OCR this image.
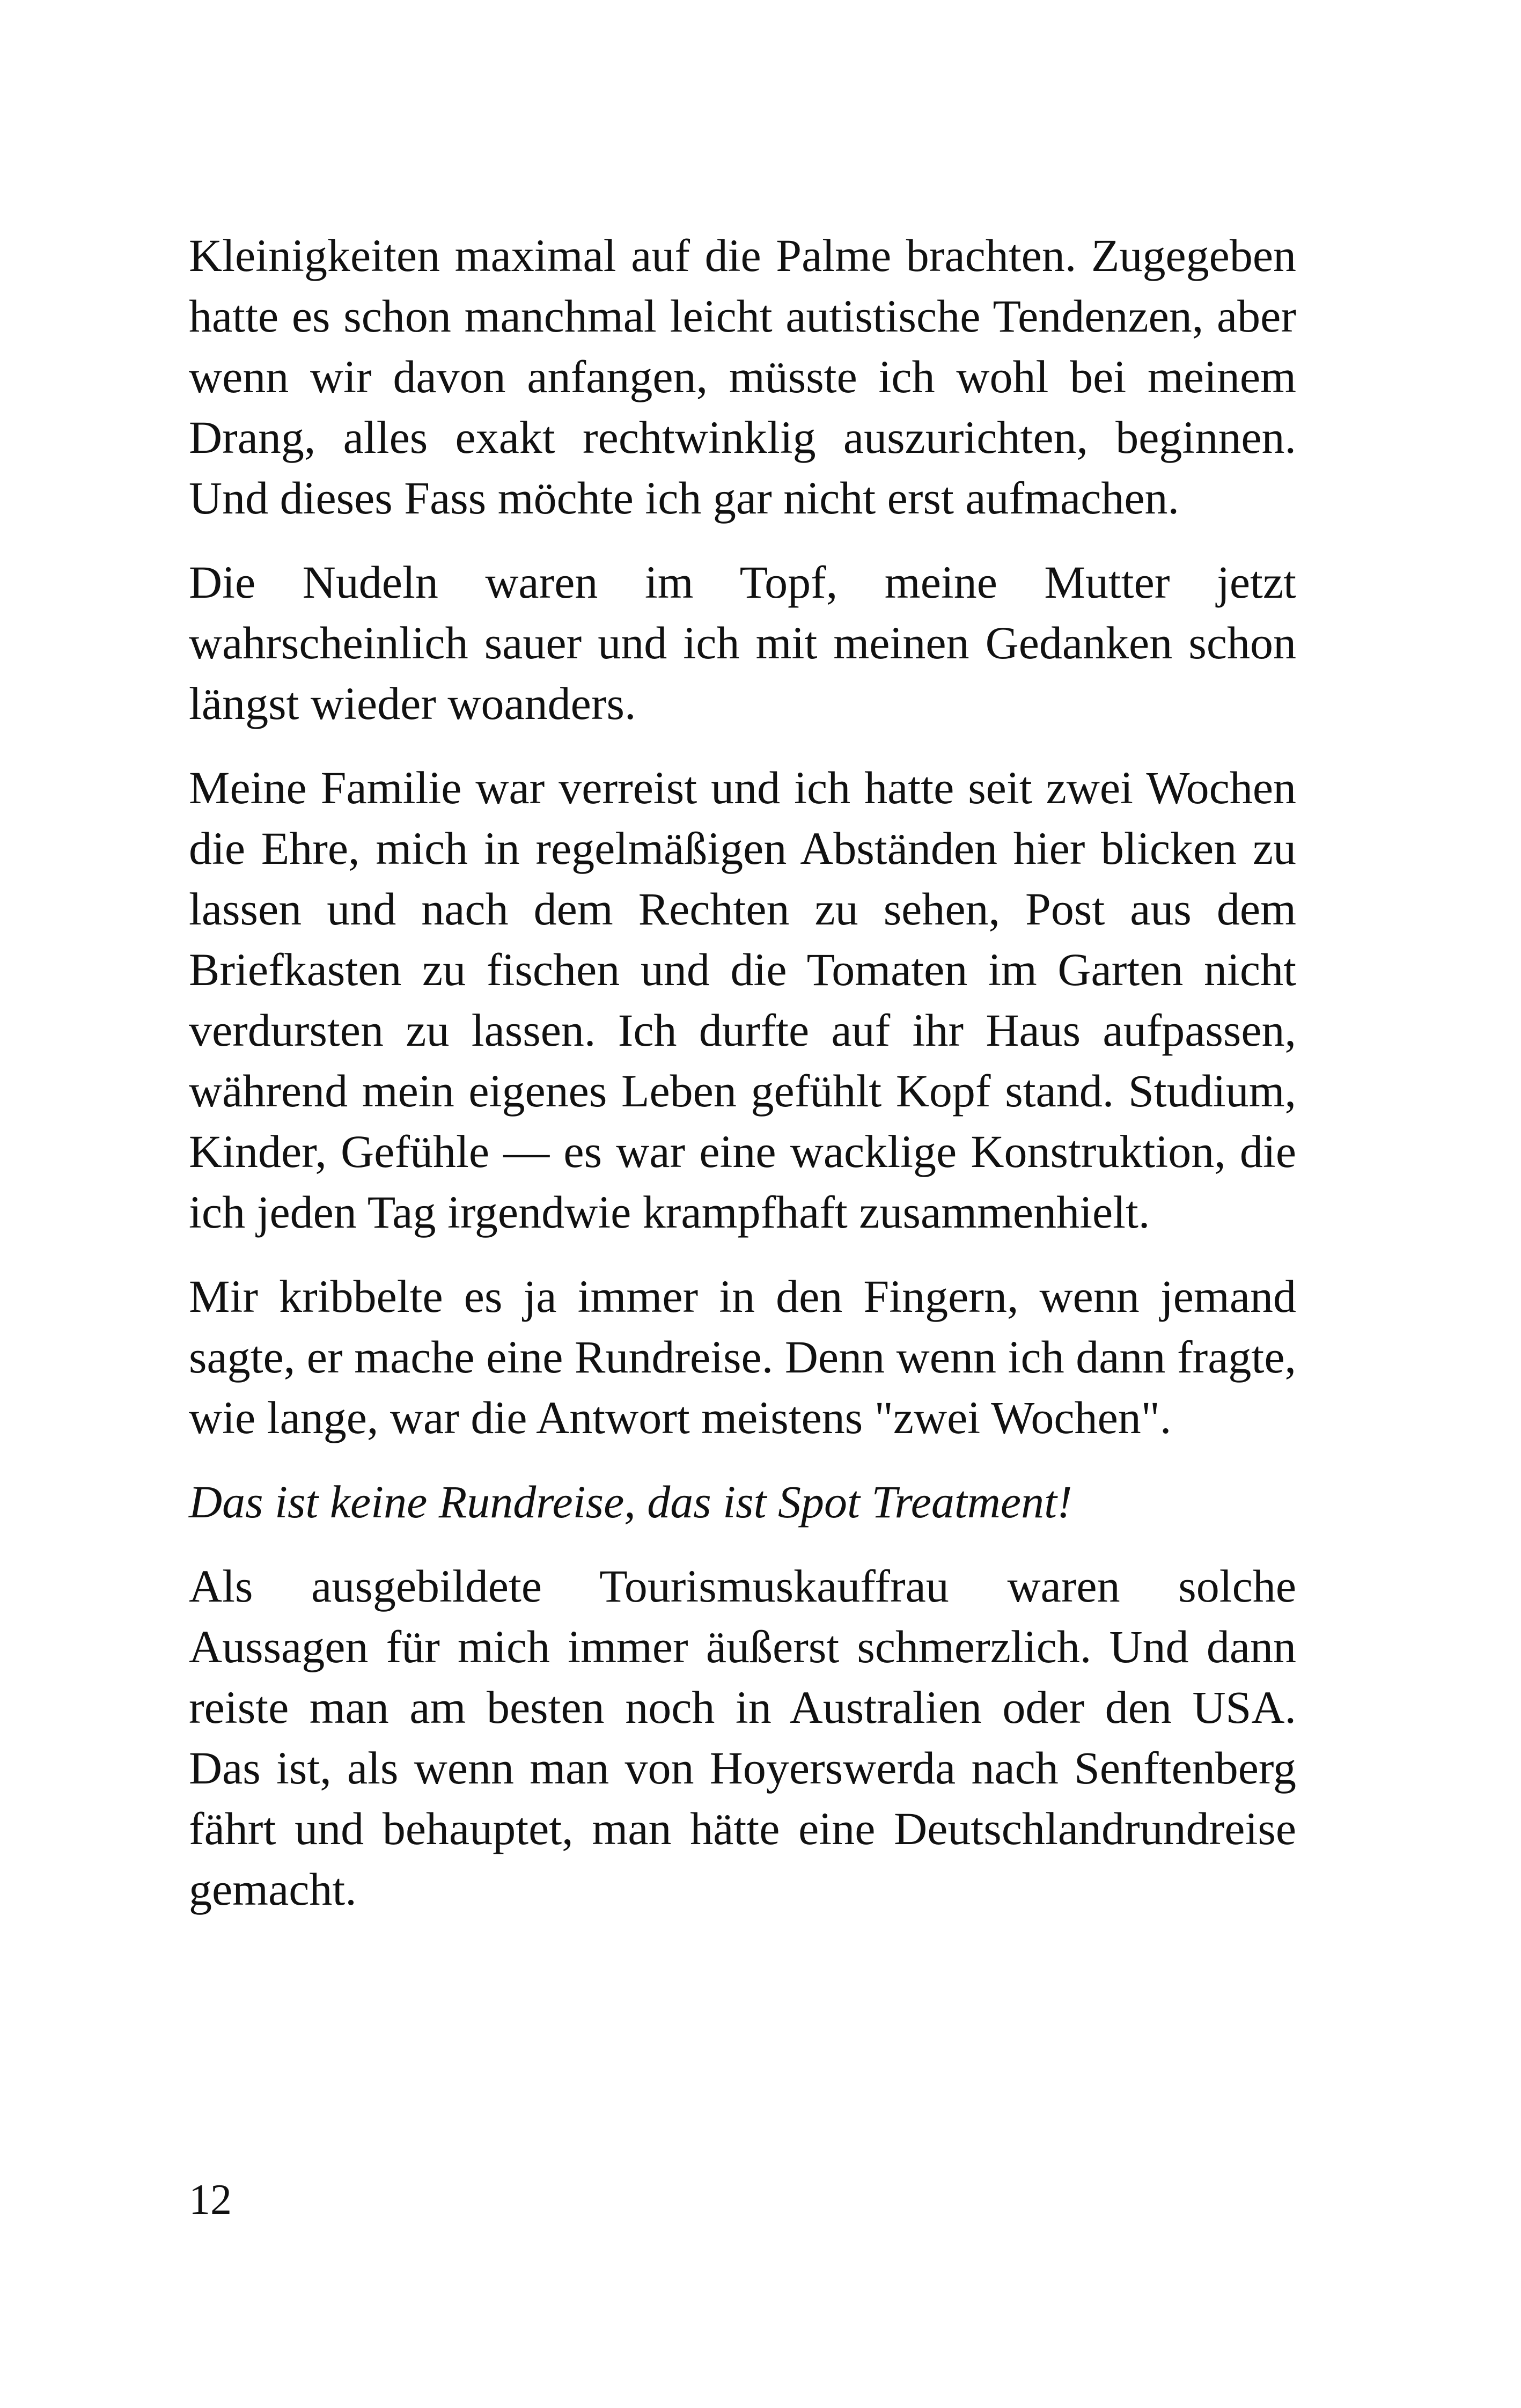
Kleinigkeiten maximal auf die Palme brachten. Zugegeben hatte es schon manchmal leicht autistische Tendenzen, aber wenn wir davon anfangen, müsste ich wohl bei meinem Drang, alles exakt rechtwinklig auszurichten, beginnen. Und dieses Fass möchte ich gar nicht erst aufmachen.

Die Nudeln waren im Topf, meine Mutter jetzt wahrscheinlich sauer und ich mit meinen Gedanken schon längst wieder woanders.

Meine Familie war verreist und ich hatte seit zwei Wochen die Ehre, mich in regelmäßigen Abständen hier blicken zu lassen und nach dem Rechten zu sehen, Post aus dem Briefkasten zu fischen und die Tomaten im Garten nicht verdursten zu lassen. Ich durfte auf ihr Haus aufpassen, während mein eigenes Leben gefühlt Kopf stand. Studium, Kinder, Gefühle — es war eine wacklige Konstruktion, die ich jeden Tag irgendwie krampfhaft zusammenhielt.

Mir kribbelte es ja immer in den Fingern, wenn jemand sagte, er mache eine Rundreise. Denn wenn ich dann fragte, wie lange, war die Antwort meistens "zwei Wochen".

Das ist keine Rundreise, das ist Spot Treatment!

Als ausgebildete Tourismuskauffrau waren solche Aussagen für mich immer äußerst schmerzlich. Und dann reiste man am besten noch in Australien oder den USA. Das ist, als wenn man von Hoyerswerda nach Senftenberg fährt und behauptet, man hätte eine Deutschlandrundreise gemacht.

12
